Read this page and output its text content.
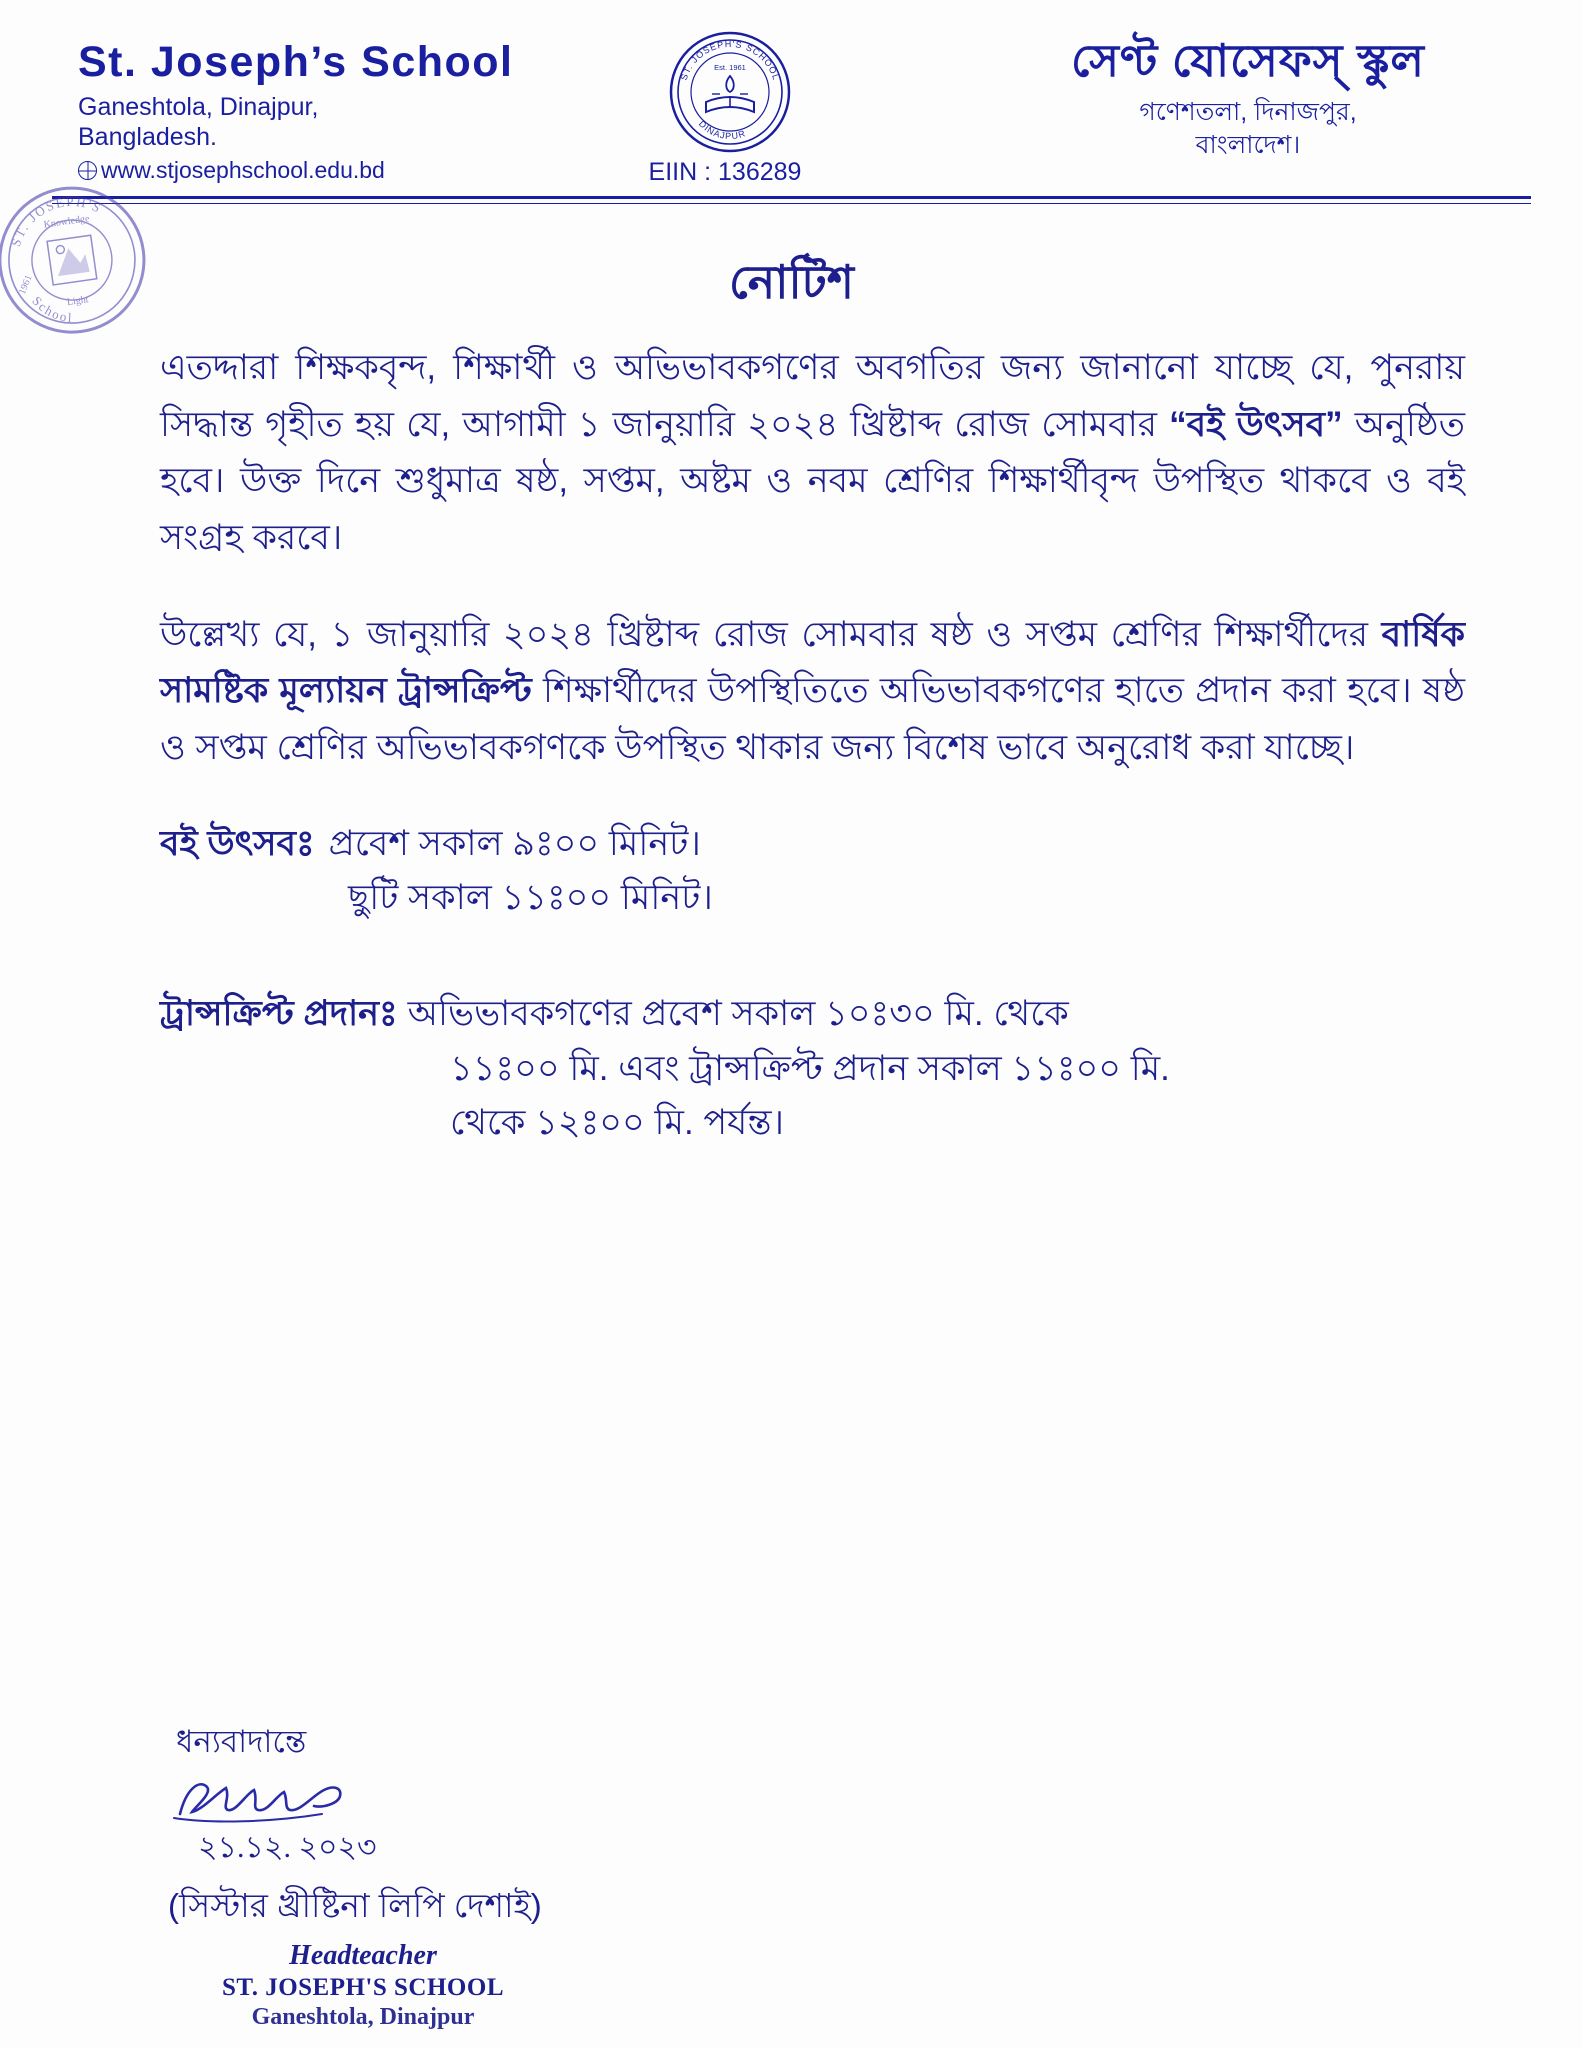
St. Joseph’s School
Ganeshtola, Dinajpur,
Bangladesh.
www.stjosephschool.edu.bd
ST. JOSEPH'S SCHOOL
DINAJPUR
Est. 1961
EIIN : 136289
সেণ্ট যোসেফস্ স্কুল
গণেশতলা, দিনাজপুর,
বাংলাদেশ।
ST. JOSEPH'S
School
Knowledge
Light
1961	নোটিশ

এতদ্দারা শিক্ষকবৃন্দ, শিক্ষার্থী ও অভিভাবকগণের অবগতির জন্য জানানো যাচ্ছে যে, পুনরায় সিদ্ধান্ত গৃহীত হয় যে, আগামী ১ জানুয়ারি ২০২৪ খ্রিষ্টাব্দ রোজ সোমবার “বই উৎসব” অনুষ্ঠিত হবে। উক্ত দিনে শুধুমাত্র ষষ্ঠ, সপ্তম, অষ্টম ও নবম শ্রেণির শিক্ষার্থীবৃন্দ উপস্থিত থাকবে ও বই সংগ্রহ করবে।

উল্লেখ্য যে, ১ জানুয়ারি ২০২৪ খ্রিষ্টাব্দ রোজ সোমবার ষষ্ঠ ও সপ্তম শ্রেণির শিক্ষার্থীদের বার্ষিক সামষ্টিক মূল্যায়ন ট্রান্সক্রিপ্ট শিক্ষার্থীদের উপস্থিতিতে অভিভাবকগণের হাতে প্রদান করা হবে। ষষ্ঠ ও সপ্তম শ্রেণির অভিভাবকগণকে উপস্থিত থাকার জন্য বিশেষ ভাবে অনুরোধ করা যাচ্ছে।

বই উৎসবঃ প্রবেশ সকাল ৯ঃ০০ মিনিট।
ছুটি সকাল ১১ঃ০০ মিনিট।
ট্রান্সক্রিপ্ট প্রদানঃ অভিভাবকগণের প্রবেশ সকাল ১০ঃ৩০ মি. থেকে
১১ঃ০০ মি. এবং ট্রান্সক্রিপ্ট প্রদান সকাল ১১ঃ০০ মি.
থেকে ১২ঃ০০ মি. পর্যন্ত।
ধন্যবাদান্তে
২১.১২. ২০২৩
(সিস্টার খ্রীষ্টিনা লিপি দেশাই)
Headteacher
ST. JOSEPH'S SCHOOL
Ganeshtola, Dinajpur
